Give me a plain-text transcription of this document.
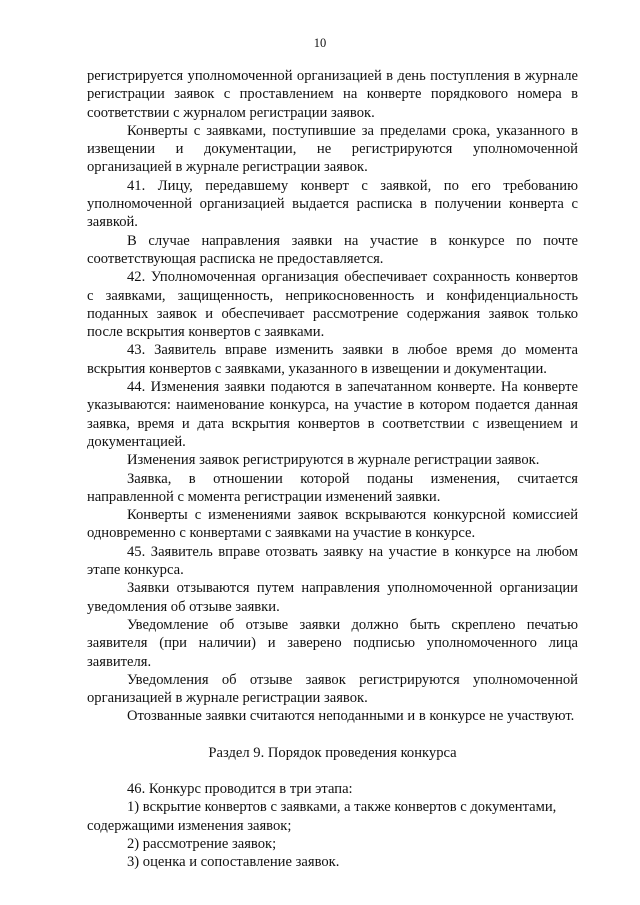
10

регистрируется уполномоченной организацией в день поступления в журнале регистрации заявок с проставлением на конверте порядкового номера в соответствии с журналом регистрации заявок.

Конверты с заявками, поступившие за пределами срока, указанного в извещении и документации, не регистрируются уполномоченной организацией в журнале регистрации заявок.

41. Лицу, передавшему конверт с заявкой, по его требованию уполномоченной организацией выдается расписка в получении конверта с заявкой.

В случае направления заявки на участие в конкурсе по почте соответствующая расписка не предоставляется.

42. Уполномоченная организация обеспечивает сохранность конвертов с заявками, защищенность, неприкосновенность и конфиденциальность поданных заявок и обеспечивает рассмотрение содержания заявок только после вскрытия конвертов с заявками.

43. Заявитель вправе изменить заявки в любое время до момента вскрытия конвертов с заявками, указанного в извещении и документации.

44. Изменения заявки подаются в запечатанном конверте. На конверте указываются: наименование конкурса, на участие в котором подается данная заявка, время и дата вскрытия конвертов в соответствии с извещением и документацией.

Изменения заявок регистрируются в журнале регистрации заявок.

Заявка, в отношении которой поданы изменения, считается направленной с момента регистрации изменений заявки.

Конверты с изменениями заявок вскрываются конкурсной комиссией одновременно с конвертами с заявками на участие в конкурсе.

45. Заявитель вправе отозвать заявку на участие в конкурсе на любом этапе конкурса.

Заявки отзываются путем направления уполномоченной организации уведомления об отзыве заявки.

Уведомление об отзыве заявки должно быть скреплено печатью заявителя (при наличии) и заверено подписью уполномоченного лица заявителя.

Уведомления об отзыве заявок регистрируются уполномоченной организацией в журнале регистрации заявок.

Отозванные заявки считаются неподанными и в конкурсе не участвуют.

Раздел 9. Порядок проведения конкурса

46. Конкурс проводится в три этапа:

1) вскрытие конвертов с заявками, а также конвертов с документами, содержащими изменения заявок;

2) рассмотрение заявок;

3) оценка и сопоставление заявок.
